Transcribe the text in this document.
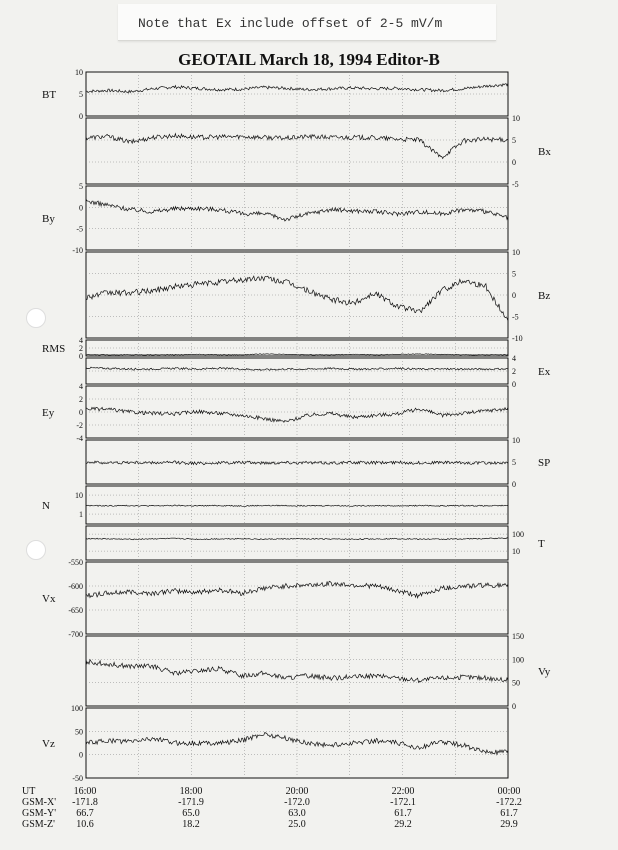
Note that Ex include offset of 2-5 mV/m
GEOTAIL March 18, 1994 Editor-B
10
5
0
BT
10
5
0
-5
Bx
5
0
-5
-10
By
10
5
0
-5
-10
Bz
4
2
0
RMS
4
2
0
Ex
4
2
0
-2
-4
Ey
10
5
0
SP
10
1
N
100
10
T
-550
-600
-650
-700
Vx
150
100
50
0
Vy
100
50
0
-50
Vz
UT
GSM-X'
GSM-Y'
GSM-Z'
16:00
-171.8
66.7
10.6
18:00
-171.9
65.0
18.2
20:00
-172.0
63.0
25.0
22:00
-172.1
61.7
29.2
00:00
-172.2
61.7
29.9
